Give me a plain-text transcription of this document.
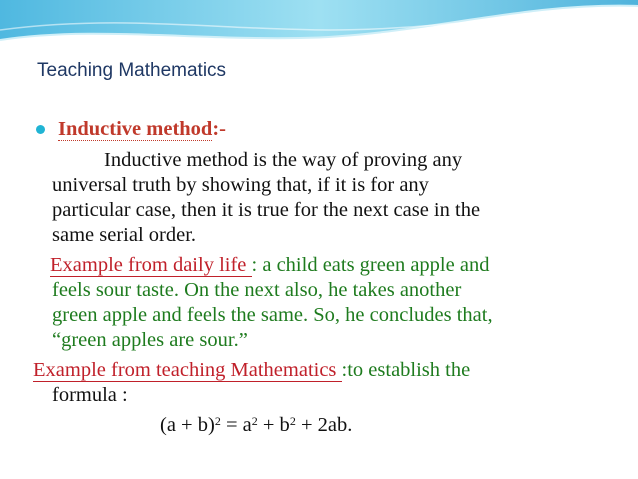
Teaching Mathematics
Inductive method:-
Inductive method is the way of proving any
universal truth by showing that, if it is for any
particular case, then it is true for the next case in the
same serial order.
Example from daily life : a child eats green apple and
feels sour taste. On the next also, he takes another
green apple and feels the same. So, he concludes that,
“green apples are sour.”
Example from teaching Mathematics :to establish the
formula :
$(a + b)^2 = a^2 + b^2 + 2ab$.
